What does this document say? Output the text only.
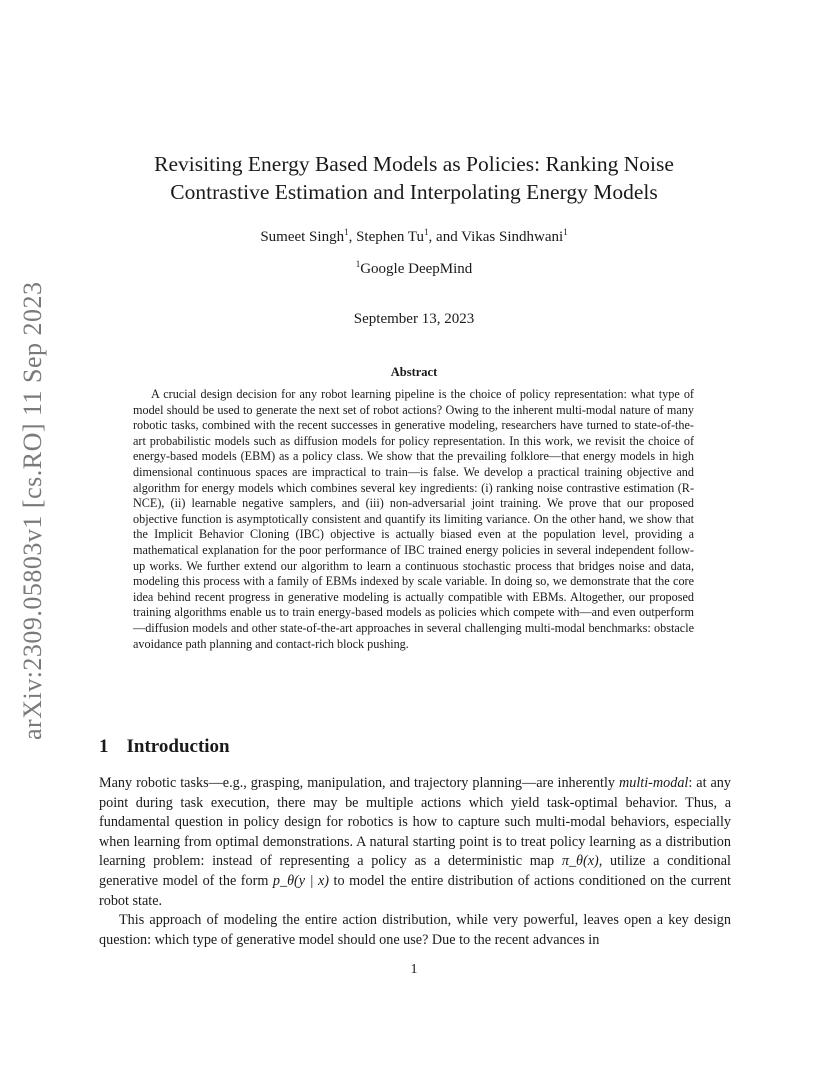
arXiv:2309.05803v1 [cs.RO] 11 Sep 2023
Revisiting Energy Based Models as Policies: Ranking Noise
Contrastive Estimation and Interpolating Energy Models
Sumeet Singh$^1$, Stephen Tu$^1$, and Vikas Sindhwani$^1$
$^1$Google DeepMind
September 13, 2023
Abstract

A crucial design decision for any robot learning pipeline is the choice of policy representation: what type of model should be used to generate the next set of robot actions? Owing to the inherent multi-modal nature of many robotic tasks, combined with the recent successes in generative modeling, researchers have turned to state-of-the-art probabilistic models such as diffusion models for policy representation. In this work, we revisit the choice of energy-based models (EBM) as a policy class. We show that the prevailing folklore—that energy models in high dimensional continuous spaces are impractical to train—is false. We develop a practical training objective and algorithm for energy models which combines several key ingredients: (i) ranking noise contrastive estimation (R-NCE), (ii) learnable negative samplers, and (iii) non-adversarial joint training. We prove that our proposed objective function is asymptotically consistent and quantify its limiting variance. On the other hand, we show that the Implicit Behavior Cloning (IBC) objective is actually biased even at the population level, providing a mathematical explanation for the poor performance of IBC trained energy policies in several independent follow-up works. We further extend our algorithm to learn a continuous stochastic process that bridges noise and data, modeling this process with a family of EBMs indexed by scale variable. In doing so, we demonstrate that the core idea behind recent progress in generative modeling is actually compatible with EBMs. Altogether, our proposed training algorithms enable us to train energy-based models as policies which compete with—and even outperform—diffusion models and other state-of-the-art approaches in several challenging multi-modal benchmarks: obstacle avoidance path planning and contact-rich block pushing.

1 Introduction

Many robotic tasks—e.g., grasping, manipulation, and trajectory planning—are inherently multi-modal: at any point during task execution, there may be multiple actions which yield task-optimal behavior. Thus, a fundamental question in policy design for robotics is how to capture such multi-modal behaviors, especially when learning from optimal demonstrations. A natural starting point is to treat policy learning as a distribution learning problem: instead of representing a policy as a deterministic map π_θ(x), utilize a conditional generative model of the form p_θ(y | x) to model the entire distribution of actions conditioned on the current robot state.

This approach of modeling the entire action distribution, while very powerful, leaves open a key design question: which type of generative model should one use? Due to the recent advances in

1
